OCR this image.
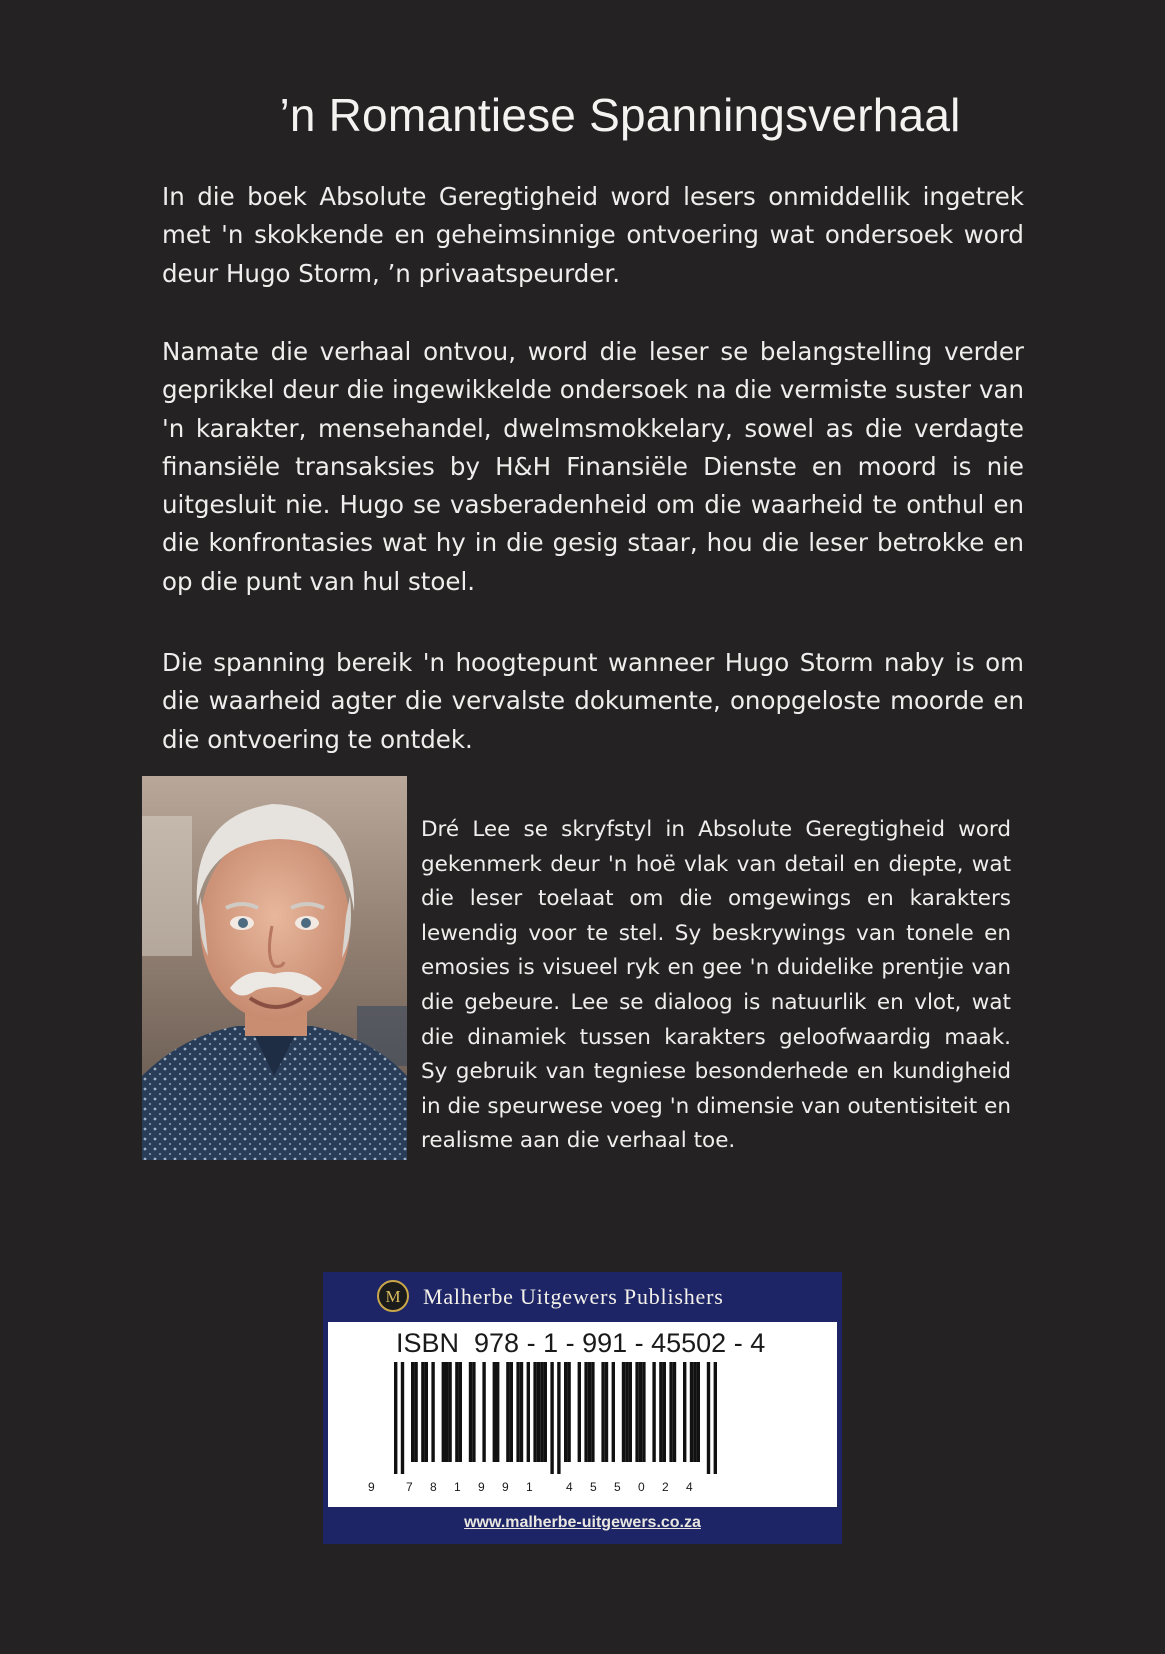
’n Romantiese Spanningsverhaal

In die boek Absolute Geregtigheid word lesers onmiddellik ingetrek met 'n skokkende en geheimsinnige ontvoering wat ondersoek word deur Hugo Storm, ’n privaatspeurder.

Namate die verhaal ontvou, word die leser se belangstelling verder geprikkel deur die ingewikkelde ondersoek na die vermiste suster van 'n karakter, mensehandel, dwelmsmokkelary, sowel as die verdagte finansiële transaksies by H&H Finansiële Dienste en moord is nie uitgesluit nie. Hugo se vasberadenheid om die waarheid te onthul en die konfrontasies wat hy in die gesig staar, hou die leser betrokke en op die punt van hul stoel.

Die spanning bereik 'n hoogtepunt wanneer Hugo Storm naby is om die waarheid agter die vervalste dokumente, onopgeloste moorde en die ontvoering te ontdek.

Dré Lee se skryfstyl in Absolute Geregtigheid word gekenmerk deur 'n hoë vlak van detail en diepte, wat die leser toelaat om die omgewings en karakters lewendig voor te stel. Sy beskrywings van tonele en emosies is visueel ryk en gee 'n duidelike prentjie van die gebeure. Lee se dialoog is natuurlik en vlot, wat die dinamiek tussen karakters geloofwaardig maak. Sy gebruik van tegniese besonderhede en kundigheid in die speurwese voeg 'n dimensie van outentisiteit en realisme aan die verhaal toe.

M Malherbe Uitgewers Publishers
ISBN  978 - 1 - 991 - 45502 - 4
9	7 8 1 9 9 1	4 5 5 0 2 4
www.malherbe-uitgewers.co.za
